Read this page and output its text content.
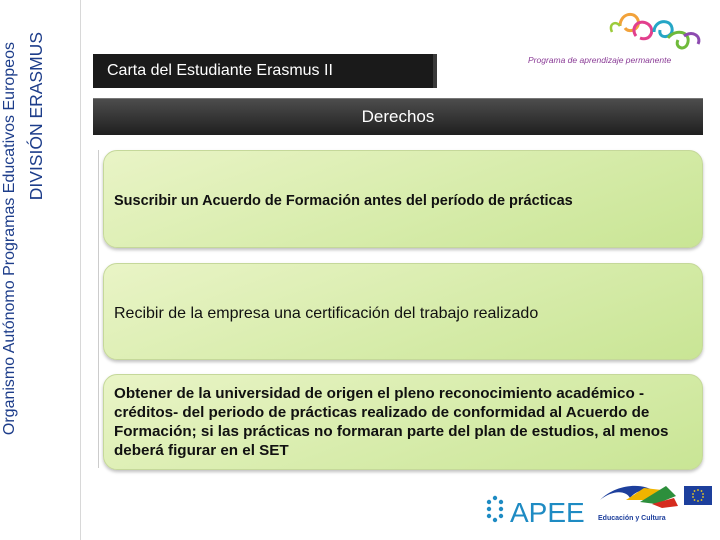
Organismo Autónomo Programas Educativos Europeos DIVISIÓN ERASMUS	Carta del Estudiante Erasmus II
Programa de aprendizaje permanente
Derechos

Suscribir un Acuerdo de Formación antes del período de prácticas

Recibir de la empresa una certificación del trabajo realizado

Obtener de la universidad de origen el pleno reconocimiento académico -créditos- del periodo de prácticas realizado de conformidad al Acuerdo de Formación; si las prácticas no formaran parte del plan de estudios, al menos deberá figurar en el SET

APEE Educación y Cultura
